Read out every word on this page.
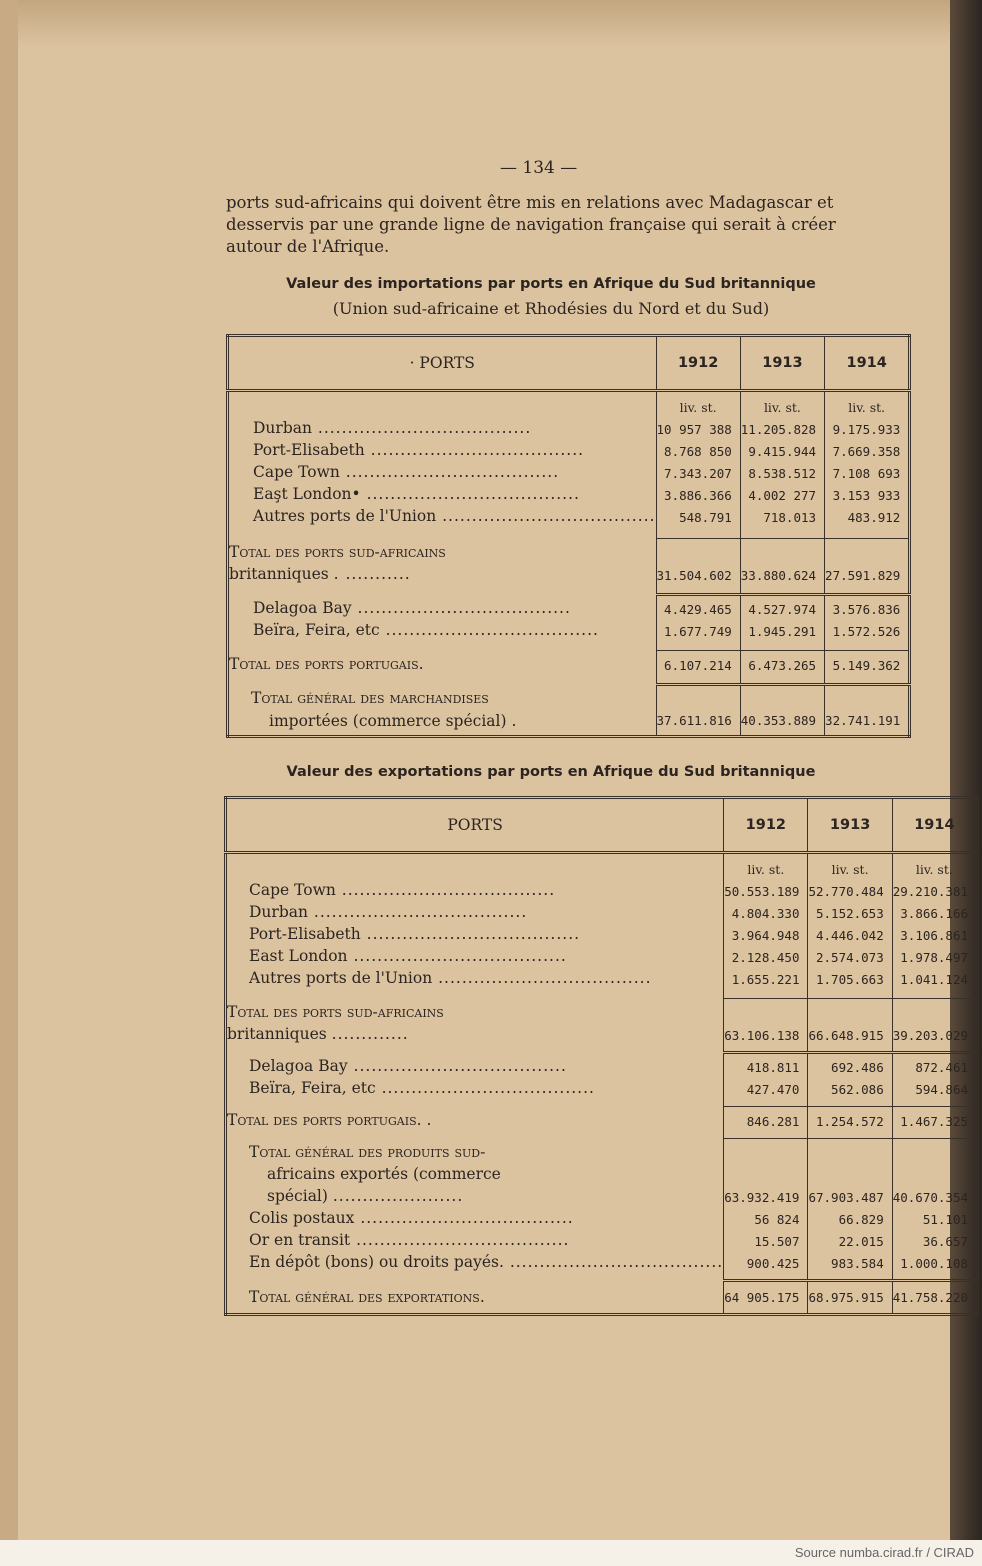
— 134 —
ports sud-africains qui doivent être mis en relations avec Madagascar et
desservis par une grande ligne de navigation française qui serait à créer
autour de l'Afrique.
Valeur des importations par ports en Afrique du Sud britannique
(Union sud-africaine et Rhodésies du Nord et du Sud)
· PORTS	1912	1913	1914
	liv. st.	liv. st.	liv. st.
Durban ....................................	10 957 388	11.205.828	9.175.933
Port-Elisabeth ....................................	8.768 850	9.415.944	7.669.358
Cape Town ....................................	7.343.207	8.538.512	7.108 693
Eaşt London• ....................................	3.886.366	4.002 277	3.153 933
Autres ports de l'Union ....................................	548.791	718.013	483.912

Total des ports sud-africains			
britanniques . ...........	31.504.602	33.880.624	27.591.829

Delagoa Bay ....................................	4.429.465	4.527.974	3.576.836
Beïra, Feira, etc ....................................	1.677.749	1.945.291	1.572.526

Total des ports portugais.	6.107.214	6.473.265	5.149.362

Total général des marchandises			
importées (commerce spécial) .	37.611.816	40.353.889	32.741.191
Valeur des exportations par ports en Afrique du Sud britannique
PORTS	1912	1913	1914
	liv. st.	liv. st.	liv. st.
Cape Town ....................................	50.553.189	52.770.484	29.210.381
Durban ....................................	4.804.330	5.152.653	3.866.166
Port-Elisabeth ....................................	3.964.948	4.446.042	3.106.861
East London ....................................	2.128.450	2.574.073	1.978.497
Autres ports de l'Union ....................................	1.655.221	1.705.663	1.041.124

Total des ports sud-africains			
britanniques .............	63.106.138	66.648.915	39.203.029

Delagoa Bay ....................................	418.811	692.486	872.461
Beïra, Feira, etc ....................................	427.470	562.086	594.864

Total des ports portugais. .	846.281	1.254.572	1.467.325

Total général des produits sud-			
africains exportés (commerce			
spécial) ......................	63.932.419	67.903.487	40.670.354
Colis postaux ....................................	56 824	66.829	51.101
Or en transit ....................................	15.507	22.015	36.657
En dépôt (bons) ou droits payés. ....................................	900.425	983.584	1.000.108

Total général des exportations.	64 905.175	68.975.915	41.758.220
Source numba.cirad.fr / CIRAD
